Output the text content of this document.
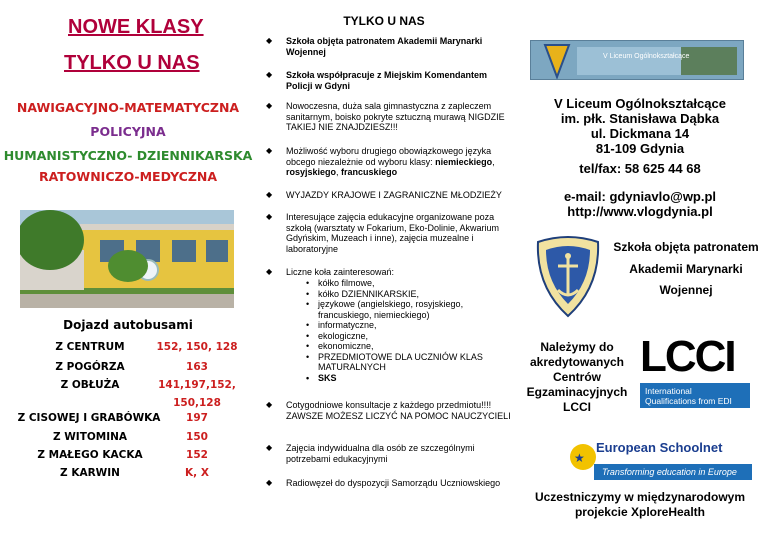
NOWE KLASY
TYLKO U NAS
NAWIGACYJNO-MATEMATYCZNA
POLICYJNA
HUMANISTYCZNO- DZIENNIKARSKA
RATOWNICZO-MEDYCZNA
Dojazd autobusami
Z CENTRUM	152, 150, 128
Z POGÓRZA	163
Z OBŁUŻA	141,197,152,
150,128
Z CISOWEJ I GRABÓWKA	197
Z WITOMINA	150
Z MAŁEGO KACKA	152
Z KARWIN	K, X
TYLKO U NAS
◆ Szkoła objęta patronatem Akademii Marynarki Wojennej
◆ Szkoła współpracuje z Miejskim Komendantem Policji w Gdyni
◆ Nowoczesna, duża sala gimnastyczna z zapleczem sanitarnym, boisko pokryte sztuczną murawą NIGDZIE TAKIEJ NIE ZNAJDZIESZ!!!
◆ Możliwość wyboru drugiego obowiązkowego języka obcego niezależnie od wyboru klasy: niemieckiego, rosyjskiego, francuskiego
◆ WYJAZDY KRAJOWE I ZAGRANICZNE MŁODZIEŻY
◆ Interesujące zajęcia edukacyjne organizowane poza szkołą (warsztaty w Fokarium, Eko-Dolinie, Akwarium Gdyńskim, Muzeach i inne), zajęcia muzealne i laboratoryjne
◆ Liczne koła zainteresowań:
• kółko filmowe,
• kółko DZIENNIKARSKIE,
• językowe (angielskiego, rosyjskiego, francuskiego, niemieckiego)
• informatyczne,
• ekologiczne,
• ekonomiczne,
• PRZEDMIOTOWE DLA UCZNIÓW KLAS MATURALNYCH
• SKS
◆ Cotygodniowe konsultacje z każdego przedmiotu!!!! ZAWSZE MOŻESZ LICZYĆ NA POMOC NAUCZYCIELI
◆ Zajęcia indywidualna dla osób ze szczególnymi potrzebami edukacyjnymi
◆ Radiowęzeł do dyspozycji Samorządu Uczniowskiego
V Liceum Ogólnokształcące
V Liceum Ogólnokształcące
im. płk. Stanisława Dąbka
ul. Dickmana 14
81-109 Gdynia
tel/fax: 58 625 44 68
e-mail: gdyniavlo@wp.pl
http://www.vlogdynia.pl
Szkoła objęta patronatem
Akademii Marynarki
Wojennej
Należymy do
akredytowanych
Centrów
Egzaminacyjnych
LCCI
LCCI
International
Qualifications from EDI
★
European Schoolnet
Transforming education in Europe
Uczestniczymy w międzynarodowym
projekcie XploreHealth
